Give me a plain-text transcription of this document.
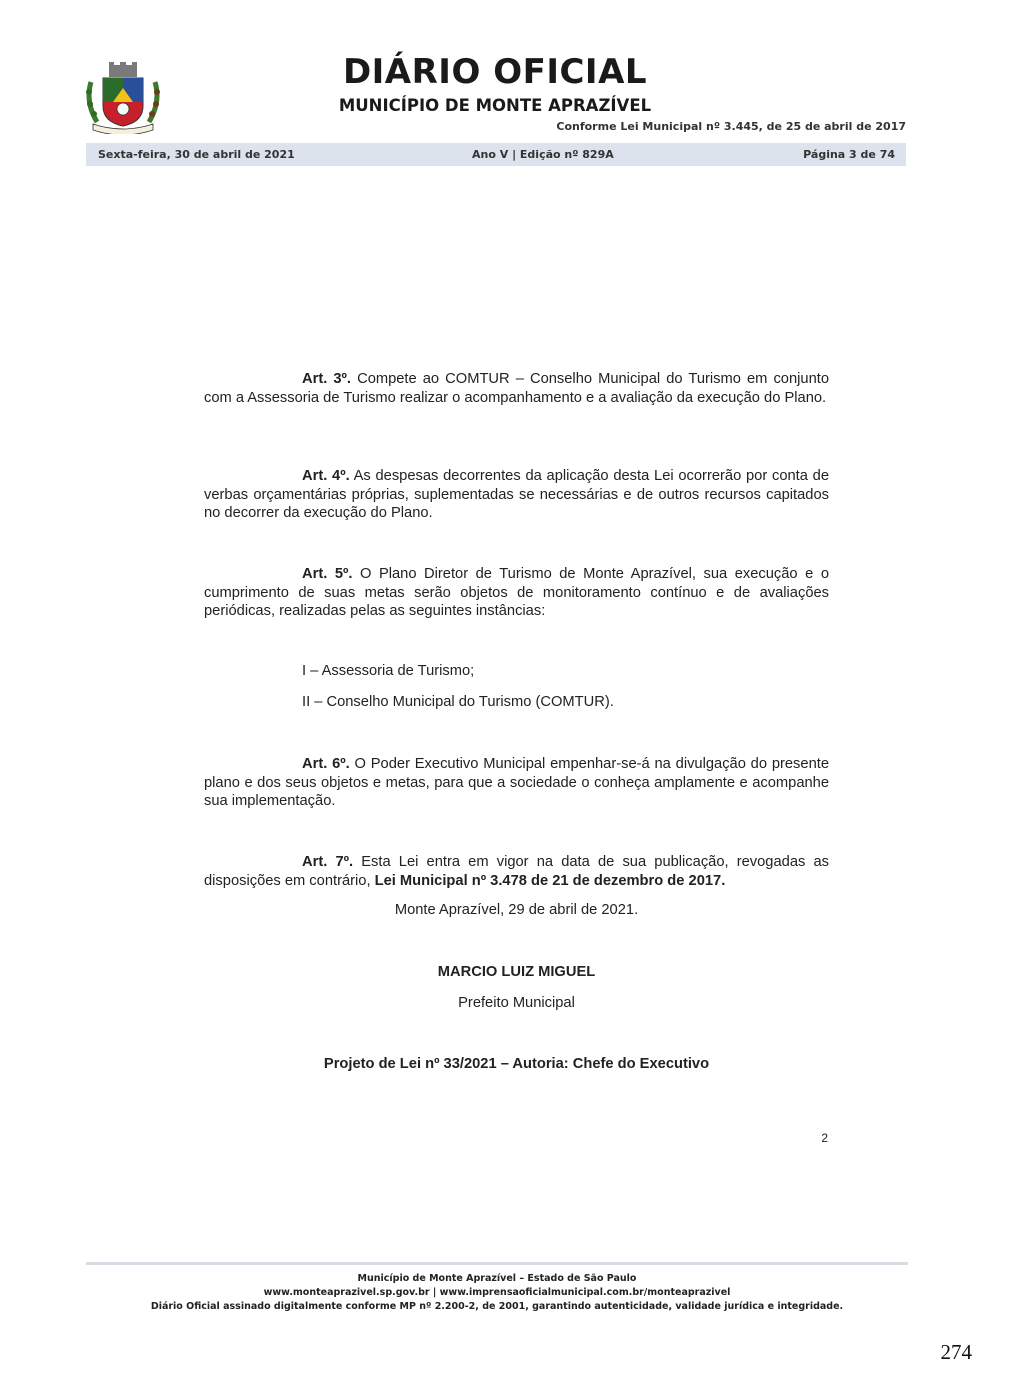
DIÁRIO OFICIAL
MUNICÍPIO DE MONTE APRAZÍVEL
Conforme Lei Municipal nº 3.445, de 25 de abril de 2017
Sexta-feira, 30 de abril de 2021	Ano V | Edição nº 829A	Página 3 de 74
Art. 3º. Compete ao COMTUR – Conselho Municipal do Turismo em conjunto com a Assessoria de Turismo realizar o acompanhamento e a avaliação da execução do Plano.
Art. 4º. As despesas decorrentes da aplicação desta Lei ocorrerão por conta de verbas orçamentárias próprias, suplementadas se necessárias e de outros recursos capitados no decorrer da execução do Plano.
Art. 5º. O Plano Diretor de Turismo de Monte Aprazível, sua execução e o cumprimento de suas metas serão objetos de monitoramento contínuo e de avaliações periódicas, realizadas pelas as seguintes instâncias:
I – Assessoria de Turismo;
II – Conselho Municipal do Turismo (COMTUR).
Art. 6º. O Poder Executivo Municipal empenhar-se-á na divulgação do presente plano e dos seus objetos e metas, para que a sociedade o conheça amplamente e acompanhe sua implementação.
Art. 7º. Esta Lei entra em vigor na data de sua publicação, revogadas as disposições em contrário, Lei Municipal nº 3.478 de 21 de dezembro de 2017.
Monte Aprazível, 29 de abril de 2021.
MARCIO LUIZ MIGUEL
Prefeito Municipal
Projeto de Lei nº 33/2021 – Autoria: Chefe do Executivo
2
Município de Monte Aprazível – Estado de São Paulo
www.monteaprazivel.sp.gov.br | www.imprensaoficialmunicipal.com.br/monteaprazivel
Diário Oficial assinado digitalmente conforme MP nº 2.200-2, de 2001, garantindo autenticidade, validade jurídica e integridade.
274
